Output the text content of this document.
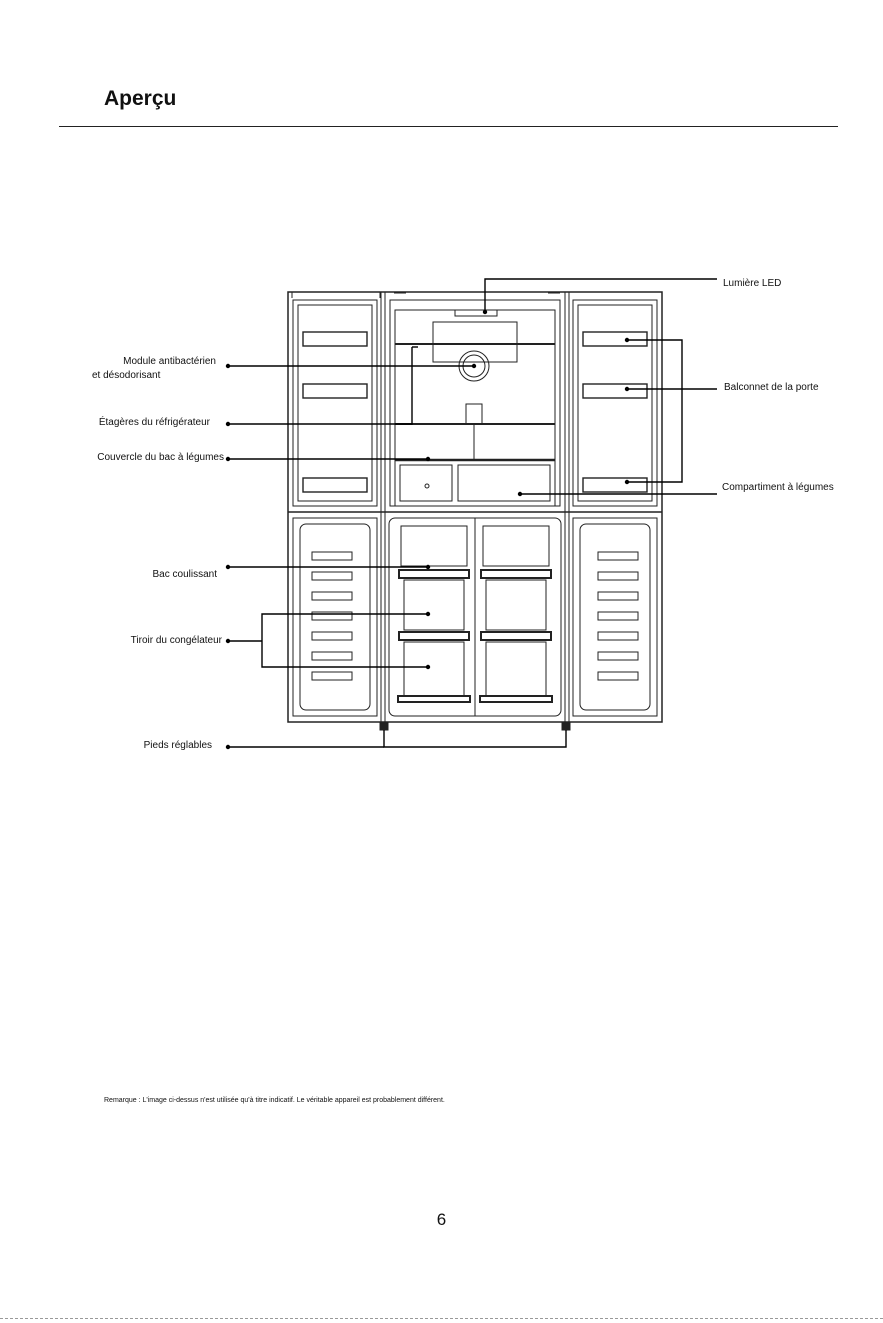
Aperçu
Lumière LED
Module antibactérien
et désodorisant
Étagères du réfrigérateur
Couvercle du bac à légumes
Balconnet de la porte
Compartiment à légumes
Bac coulissant
Tiroir du congélateur
Pieds réglables
Remarque : L'image ci-dessus n'est utilisée qu'à titre indicatif. Le véritable appareil est probablement différent.
6
